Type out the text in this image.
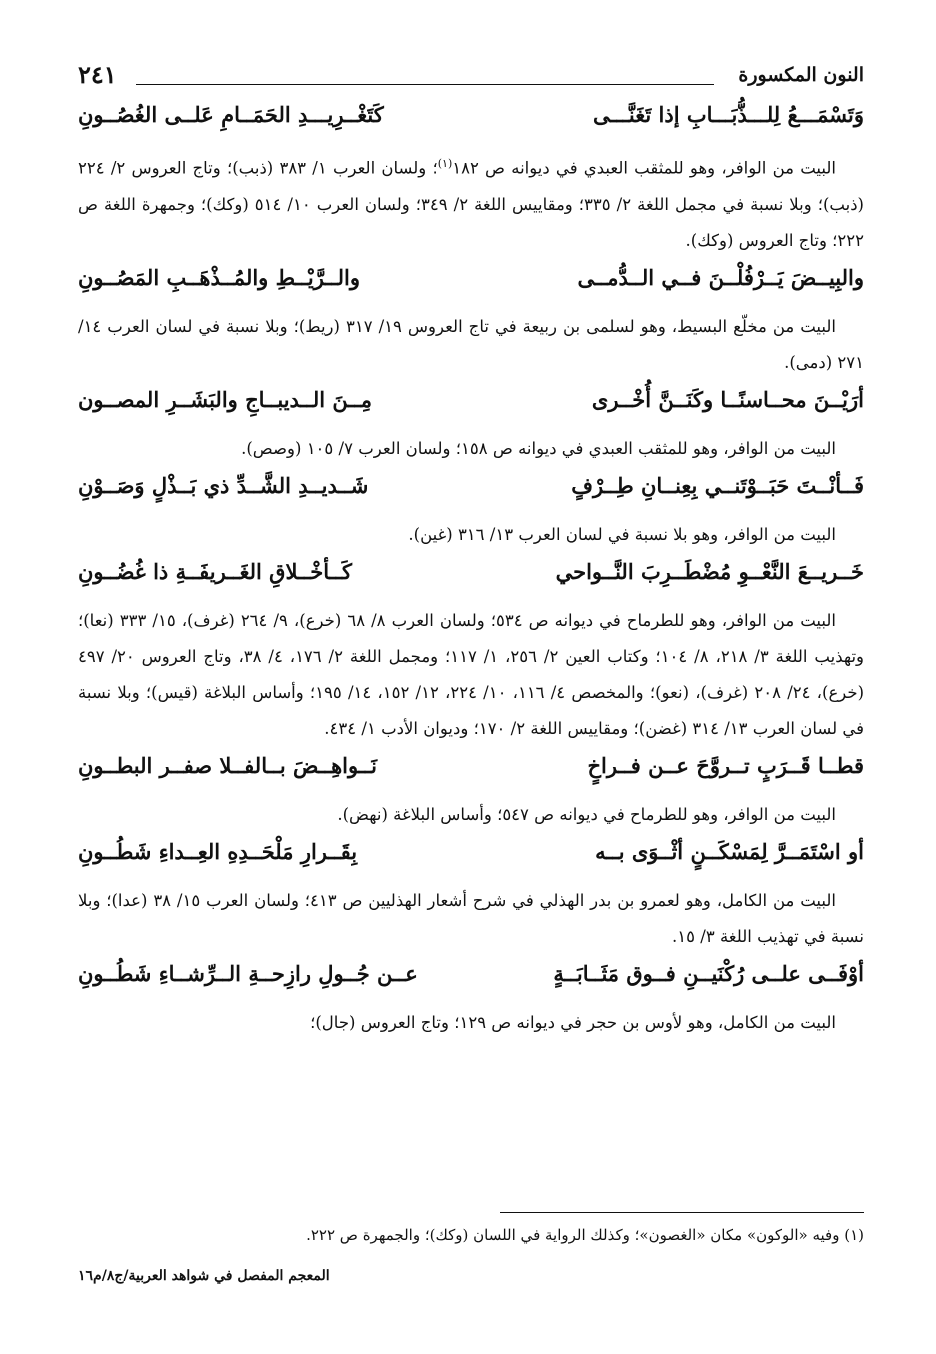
النون المكسورة
٢٤١
وَتَسْمَـــعُ لِلـــذُّبَـــابِ إذا تَغَنَّـــى
كَتَغْــرِيـــدِ الحَمَــامِ عَلــى الغُصُــونِ

البيت من الوافر، وهو للمثقب العبدي في ديوانه ص ١٨٢$^{(١)}$؛ ولسان العرب ١/ ٣٨٣ (ذبب)؛ وتاج العروس ٢/ ٢٢٤ (ذبب)؛ وبلا نسبة في مجمل اللغة ٢/ ٣٣٥؛ ومقاييس اللغة ٢/ ٣٤٩؛ ولسان العرب ١٠/ ٥١٤ (وكك)؛ وجمهرة اللغة ص ٢٢٢؛ وتاج العروس (وكك).

والبِيــضَ يَــرْفُلْــنَ فــي الــدُّمــى
والــرَّيْــطِ والمُــذْهَــبِ المَصُــونِ

البيت من مخلّع البسيط، وهو لسلمى بن ربيعة في تاج العروس ١٩/ ٣١٧ (ريط)؛ وبلا نسبة في لسان العرب ١٤/ ٢٧١ (دمى).

أرَيْــنَ محــاسنًــا وكَنَــنَّ أُخْــرى
مِــنَ الــديبــاجِ والبَشَــرِ المصــون

البيت من الوافر، وهو للمثقب العبدي في ديوانه ص ١٥٨؛ ولسان العرب ٧/ ١٠٥ (وصص).

فَــأنْــتَ حَبَــوْتَنــي بِعِنــانِ طِــرْفٍ
شَــديــدِ الشَّــدِّ ذي بَــذْلٍ وَصَــوْنِ

البيت من الوافر، وهو بلا نسبة في لسان العرب ١٣/ ٣١٦ (غين).

خَــريــعَ النَّعْــوِ مُضْطَــرِبَ النَّــواحي
كَــأخْــلاقِ الغَــريفَــةِ ذا غُضُــونِ

البيت من الوافر، وهو للطرماح في ديوانه ص ٥٣٤؛ ولسان العرب ٨/ ٦٨ (خرع)، ٩/ ٢٦٤ (غرف)، ١٥/ ٣٣٣ (نعا)؛ وتهذيب اللغة ٣/ ٢١٨، ٨/ ١٠٤؛ وكتاب العين ٢/ ٢٥٦، ١/ ١١٧؛ ومجمل اللغة ٢/ ١٧٦، ٤/ ٣٨، وتاج العروس ٢٠/ ٤٩٧ (خرع)، ٢٤/ ٢٠٨ (غرف)، (نعو)؛ والمخصص ٤/ ١١٦، ١٠/ ٢٢٤، ١٢/ ١٥٢، ١٤/ ١٩٥؛ وأساس البلاغة (قيس)؛ وبلا نسبة في لسان العرب ١٣/ ٣١٤ (غضن)؛ ومقاييس اللغة ٢/ ١٧٠؛ وديوان الأدب ١/ ٤٣٤.

قطــا قَــرَبٍ تــروَّحَ عــن فــراخٍ
نَــواهِــضَ بــالفــلا صفــر البطــونِ

البيت من الوافر، وهو للطرماح في ديوانه ص ٥٤٧؛ وأساس البلاغة (نهض).

أو اسْتَمَــرَّ لِمَسْكَــنٍ أثْــوَى بــه
بِقَــرارِ مَلْحَــدِهِ العِــداءِ شَطُــونِ

البيت من الكامل، وهو لعمرو بن بدر الهذلي في شرح أشعار الهذليين ص ٤١٣؛ ولسان العرب ١٥/ ٣٨ (عدا)؛ وبلا نسبة في تهذيب اللغة ٣/ ١٥.

أوْفَــى علــى رُكْنَيــنِ فــوق مَثَــابَــةٍ
عــن جُــولِ رازِحــةِ الــرِّشــاءِ شَطُــونِ

البيت من الكامل، وهو لأوس بن حجر في ديوانه ص ١٢٩؛ وتاج العروس (جال)؛

(١) وفيه «الوكون» مكان «الغصون»؛ وكذلك الرواية في اللسان (وكك)؛ والجمهرة ص ٢٢٢.
المعجم المفصل في شواهد العربية/ج٨/م١٦
